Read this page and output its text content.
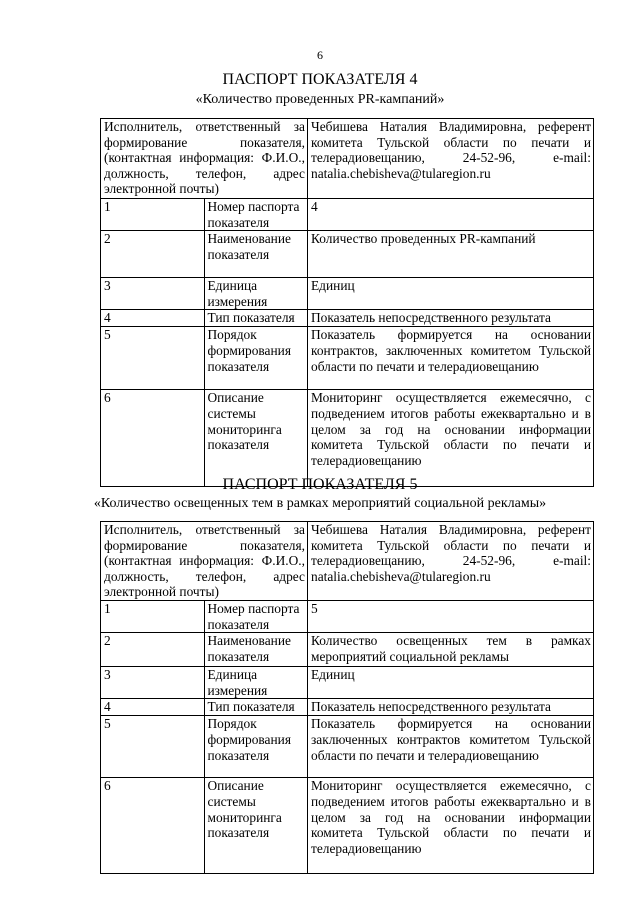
6
ПАСПОРТ ПОКАЗАТЕЛЯ 4
«Количество проведенных PR-кампаний»
Исполнитель, ответственный за формирование показателя, (контактная информация: Ф.И.О., должность, телефон, адрес электронной почты)		Чебишева Наталия Владимировна, референт комитета Тульской области по печати и телерадиовещанию, 24-52-96, e-mail: natalia.chebisheva@tularegion.ru
1	Номер паспорта показателя	4
2	Наименование показателя	Количество проведенных PR-кампаний
3	Единица измерения	Единиц
4	Тип показателя	Показатель непосредственного результата
5	Порядок формирования показателя	Показатель формируется на основании контрактов, заключенных комитетом Тульской области по печати и телерадиовещанию
6	Описание системы мониторинга показателя	Мониторинг осуществляется ежемесячно, с подведением итогов работы ежеквартально и в целом за год на основании информации комитета Тульской области по печати и телерадиовещанию
ПАСПОРТ ПОКАЗАТЕЛЯ 5
«Количество освещенных тем в рамках мероприятий социальной рекламы»
Исполнитель, ответственный за формирование показателя, (контактная информация: Ф.И.О., должность, телефон, адрес электронной почты)		Чебишева Наталия Владимировна, референт комитета Тульской области по печати и телерадиовещанию, 24-52-96, e-mail: natalia.chebisheva@tularegion.ru
1	Номер паспорта показателя	5
2	Наименование показателя	Количество освещенных тем в рамках мероприятий социальной рекламы
3	Единица измерения	Единиц
4	Тип показателя	Показатель непосредственного результата
5	Порядок формирования показателя	Показатель формируется на основании заключенных контрактов комитетом Тульской области по печати и телерадиовещанию
6	Описание системы мониторинга показателя	Мониторинг осуществляется ежемесячно, с подведением итогов работы ежеквартально и в целом за год на основании информации комитета Тульской области по печати и телерадиовещанию
